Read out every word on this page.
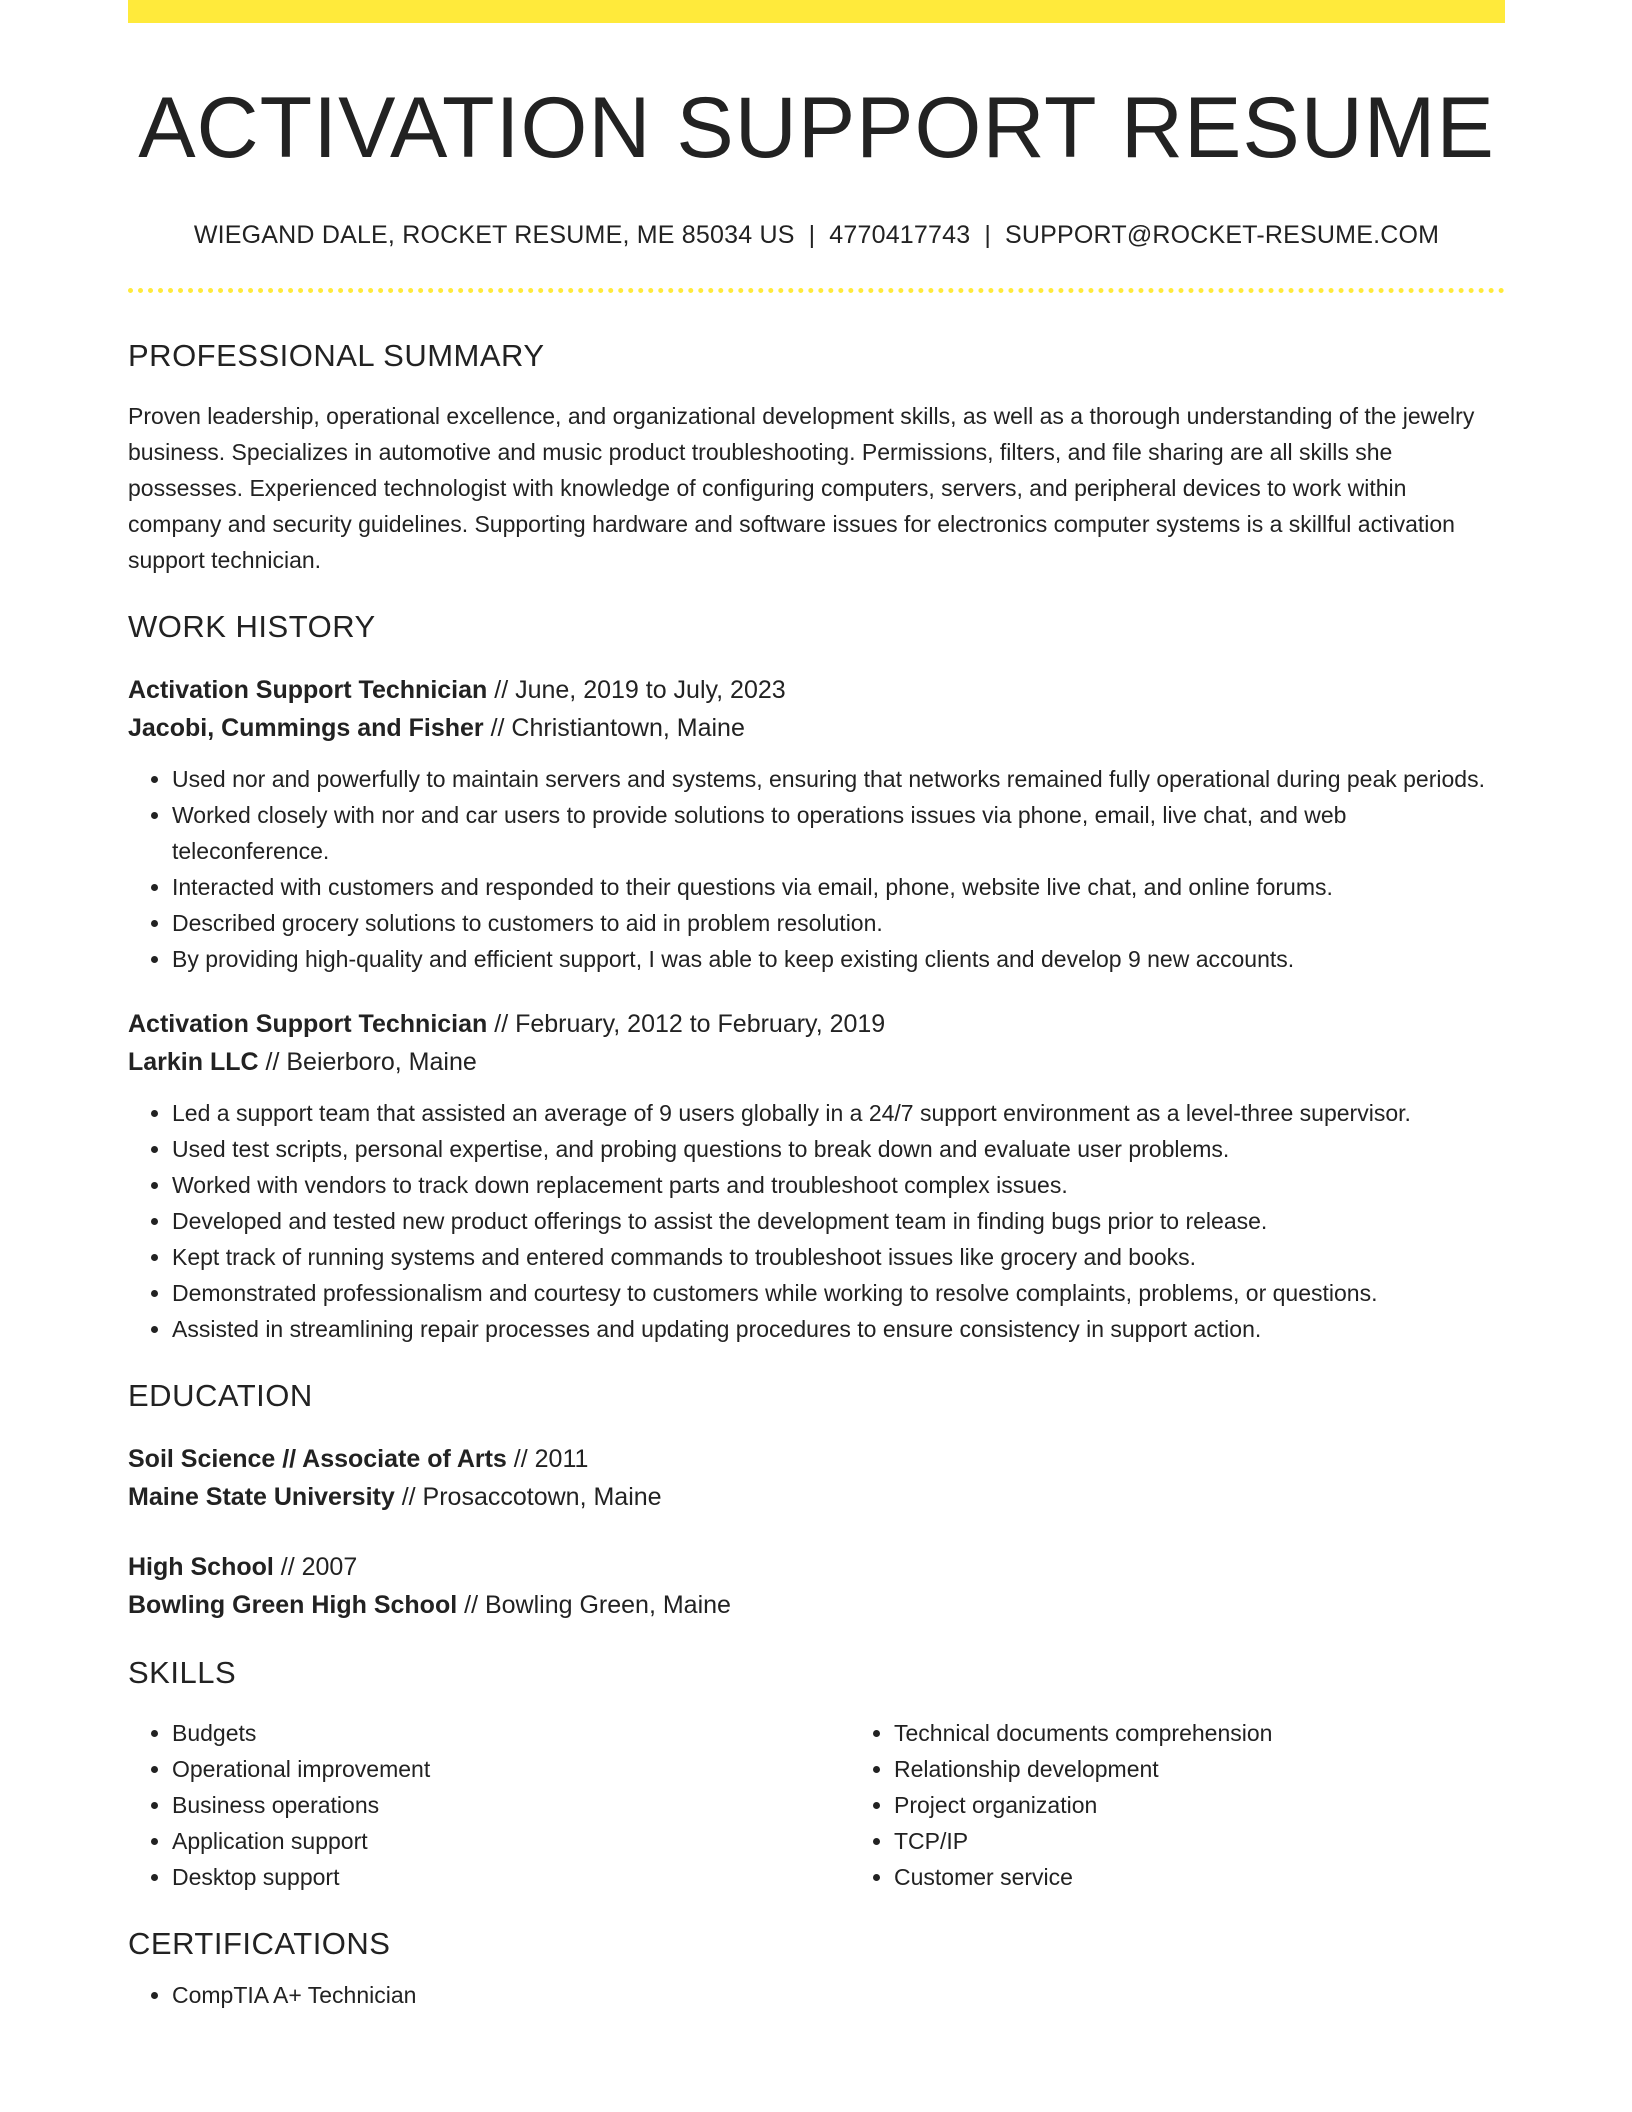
ACTIVATION SUPPORT RESUME
WIEGAND DALE, ROCKET RESUME, ME 85034 US | 4770417743 | SUPPORT@ROCKET-RESUME.COM
PROFESSIONAL SUMMARY

Proven leadership, operational excellence, and organizational development skills, as well as a thorough understanding of the jewelry business. Specializes in automotive and music product troubleshooting. Permissions, filters, and file sharing are all skills she possesses. Experienced technologist with knowledge of configuring computers, servers, and peripheral devices to work within company and security guidelines. Supporting hardware and software issues for electronics computer systems is a skillful activation support technician.

WORK HISTORY
Activation Support Technician // June, 2019 to July, 2023
Jacobi, Cummings and Fisher // Christiantown, Maine
• Used nor and powerfully to maintain servers and systems, ensuring that networks remained fully operational during peak periods.
• Worked closely with nor and car users to provide solutions to operations issues via phone, email, live chat, and web teleconference.
• Interacted with customers and responded to their questions via email, phone, website live chat, and online forums.
• Described grocery solutions to customers to aid in problem resolution.
• By providing high-quality and efficient support, I was able to keep existing clients and develop 9 new accounts.
Activation Support Technician // February, 2012 to February, 2019
Larkin LLC // Beierboro, Maine
• Led a support team that assisted an average of 9 users globally in a 24/7 support environment as a level-three supervisor.
• Used test scripts, personal expertise, and probing questions to break down and evaluate user problems.
• Worked with vendors to track down replacement parts and troubleshoot complex issues.
• Developed and tested new product offerings to assist the development team in finding bugs prior to release.
• Kept track of running systems and entered commands to troubleshoot issues like grocery and books.
• Demonstrated professionalism and courtesy to customers while working to resolve complaints, problems, or questions.
• Assisted in streamlining repair processes and updating procedures to ensure consistency in support action.
EDUCATION
Soil Science // Associate of Arts // 2011
Maine State University // Prosaccotown, Maine
High School // 2007
Bowling Green High School // Bowling Green, Maine
SKILLS
• Budgets
• Operational improvement
• Business operations
• Application support
• Desktop support
• Technical documents comprehension
• Relationship development
• Project organization
• TCP/IP
• Customer service
CERTIFICATIONS
• CompTIA A+ Technician
